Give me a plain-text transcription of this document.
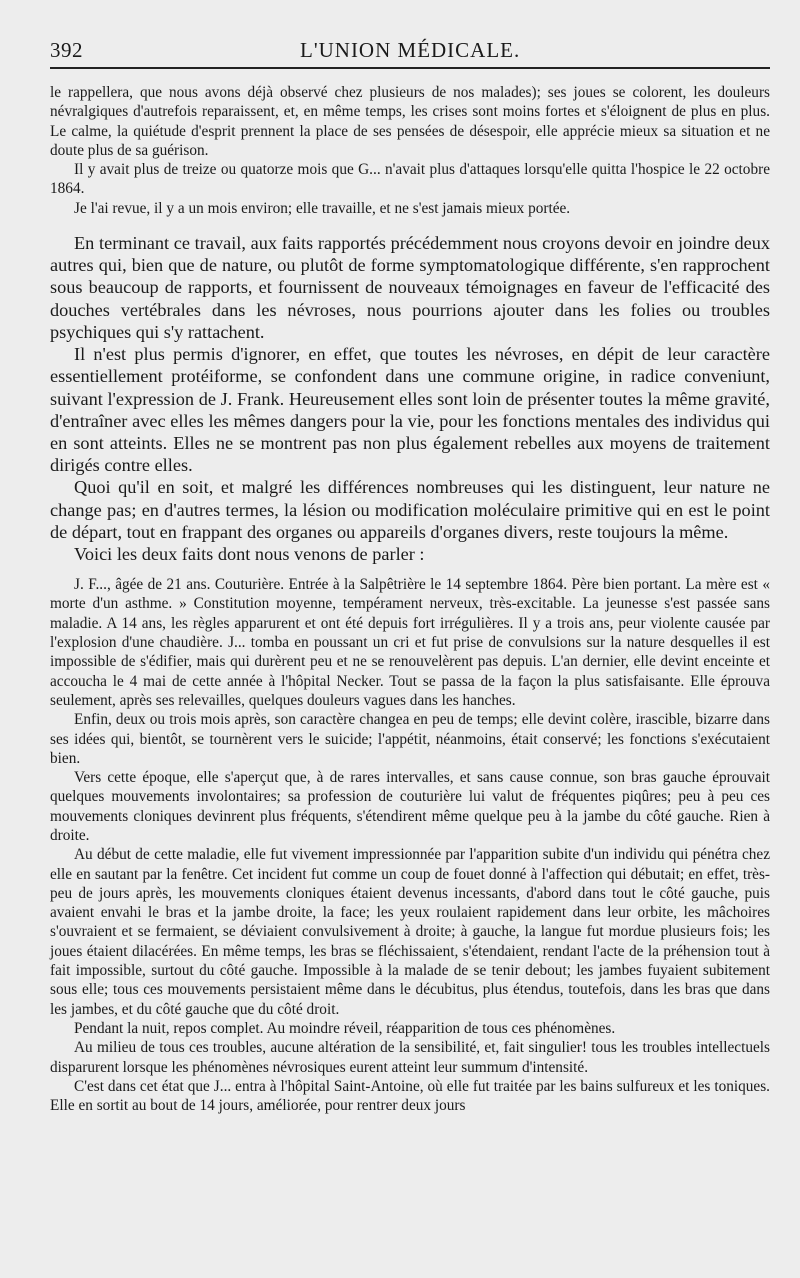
392	L'UNION MÉDICALE.

le rappellera, que nous avons déjà observé chez plusieurs de nos malades); ses joues se colorent, les douleurs névralgiques d'autrefois reparaissent, et, en même temps, les crises sont moins fortes et s'éloignent de plus en plus. Le calme, la quiétude d'esprit prennent la place de ses pensées de désespoir, elle apprécie mieux sa situation et ne doute plus de sa guérison.

Il y avait plus de treize ou quatorze mois que G... n'avait plus d'attaques lorsqu'elle quitta l'hospice le 22 octobre 1864.

Je l'ai revue, il y a un mois environ; elle travaille, et ne s'est jamais mieux portée.

En terminant ce travail, aux faits rapportés précédemment nous croyons devoir en joindre deux autres qui, bien que de nature, ou plutôt de forme symptomatologique différente, s'en rapprochent sous beaucoup de rapports, et fournissent de nouveaux témoignages en faveur de l'efficacité des douches vertébrales dans les névroses, nous pourrions ajouter dans les folies ou troubles psychiques qui s'y rattachent.

Il n'est plus permis d'ignorer, en effet, que toutes les névroses, en dépit de leur caractère essentiellement protéiforme, se confondent dans une commune origine, in radice conveniunt, suivant l'expression de J. Frank. Heureusement elles sont loin de présenter toutes la même gravité, d'entraîner avec elles les mêmes dangers pour la vie, pour les fonctions mentales des individus qui en sont atteints. Elles ne se montrent pas non plus également rebelles aux moyens de traitement dirigés contre elles.

Quoi qu'il en soit, et malgré les différences nombreuses qui les distinguent, leur nature ne change pas; en d'autres termes, la lésion ou modification moléculaire primitive qui en est le point de départ, tout en frappant des organes ou appareils d'organes divers, reste toujours la même.

Voici les deux faits dont nous venons de parler :

J. F..., âgée de 21 ans. Couturière. Entrée à la Salpêtrière le 14 septembre 1864. Père bien portant. La mère est « morte d'un asthme. » Constitution moyenne, tempérament nerveux, très-excitable. La jeunesse s'est passée sans maladie. A 14 ans, les règles apparurent et ont été depuis fort irrégulières. Il y a trois ans, peur violente causée par l'explosion d'une chaudière. J... tomba en poussant un cri et fut prise de convulsions sur la nature desquelles il est impossible de s'édifier, mais qui durèrent peu et ne se renouvelèrent pas depuis. L'an dernier, elle devint enceinte et accoucha le 4 mai de cette année à l'hôpital Necker. Tout se passa de la façon la plus satisfaisante. Elle éprouva seulement, après ses relevailles, quelques douleurs vagues dans les hanches.

Enfin, deux ou trois mois après, son caractère changea en peu de temps; elle devint colère, irascible, bizarre dans ses idées qui, bientôt, se tournèrent vers le suicide; l'appétit, néanmoins, était conservé; les fonctions s'exécutaient bien.

Vers cette époque, elle s'aperçut que, à de rares intervalles, et sans cause connue, son bras gauche éprouvait quelques mouvements involontaires; sa profession de couturière lui valut de fréquentes piqûres; peu à peu ces mouvements cloniques devinrent plus fréquents, s'étendirent même quelque peu à la jambe du côté gauche. Rien à droite.

Au début de cette maladie, elle fut vivement impressionnée par l'apparition subite d'un individu qui pénétra chez elle en sautant par la fenêtre. Cet incident fut comme un coup de fouet donné à l'affection qui débutait; en effet, très-peu de jours après, les mouvements cloniques étaient devenus incessants, d'abord dans tout le côté gauche, puis avaient envahi le bras et la jambe droite, la face; les yeux roulaient rapidement dans leur orbite, les mâchoires s'ouvraient et se fermaient, se déviaient convulsivement à droite; à gauche, la langue fut mordue plusieurs fois; les joues étaient dilacérées. En même temps, les bras se fléchissaient, s'étendaient, rendant l'acte de la préhension tout à fait impossible, surtout du côté gauche. Impossible à la malade de se tenir debout; les jambes fuyaient subitement sous elle; tous ces mouvements persistaient même dans le décubitus, plus étendus, toutefois, dans les bras que dans les jambes, et du côté gauche que du côté droit.

Pendant la nuit, repos complet. Au moindre réveil, réapparition de tous ces phénomènes.

Au milieu de tous ces troubles, aucune altération de la sensibilité, et, fait singulier! tous les troubles intellectuels disparurent lorsque les phénomènes névrosiques eurent atteint leur summum d'intensité.

C'est dans cet état que J... entra à l'hôpital Saint-Antoine, où elle fut traitée par les bains sulfureux et les toniques. Elle en sortit au bout de 14 jours, améliorée, pour rentrer deux jours
